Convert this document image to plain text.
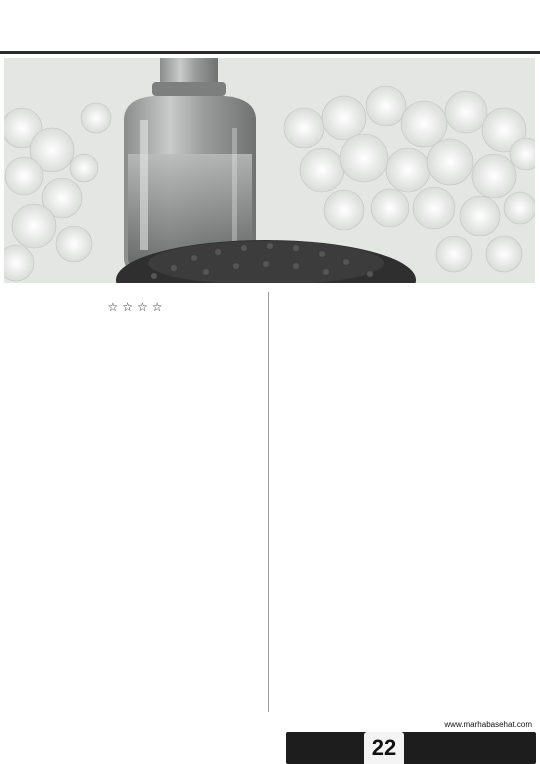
☆☆☆☆
www.marhabasehat.com
22
